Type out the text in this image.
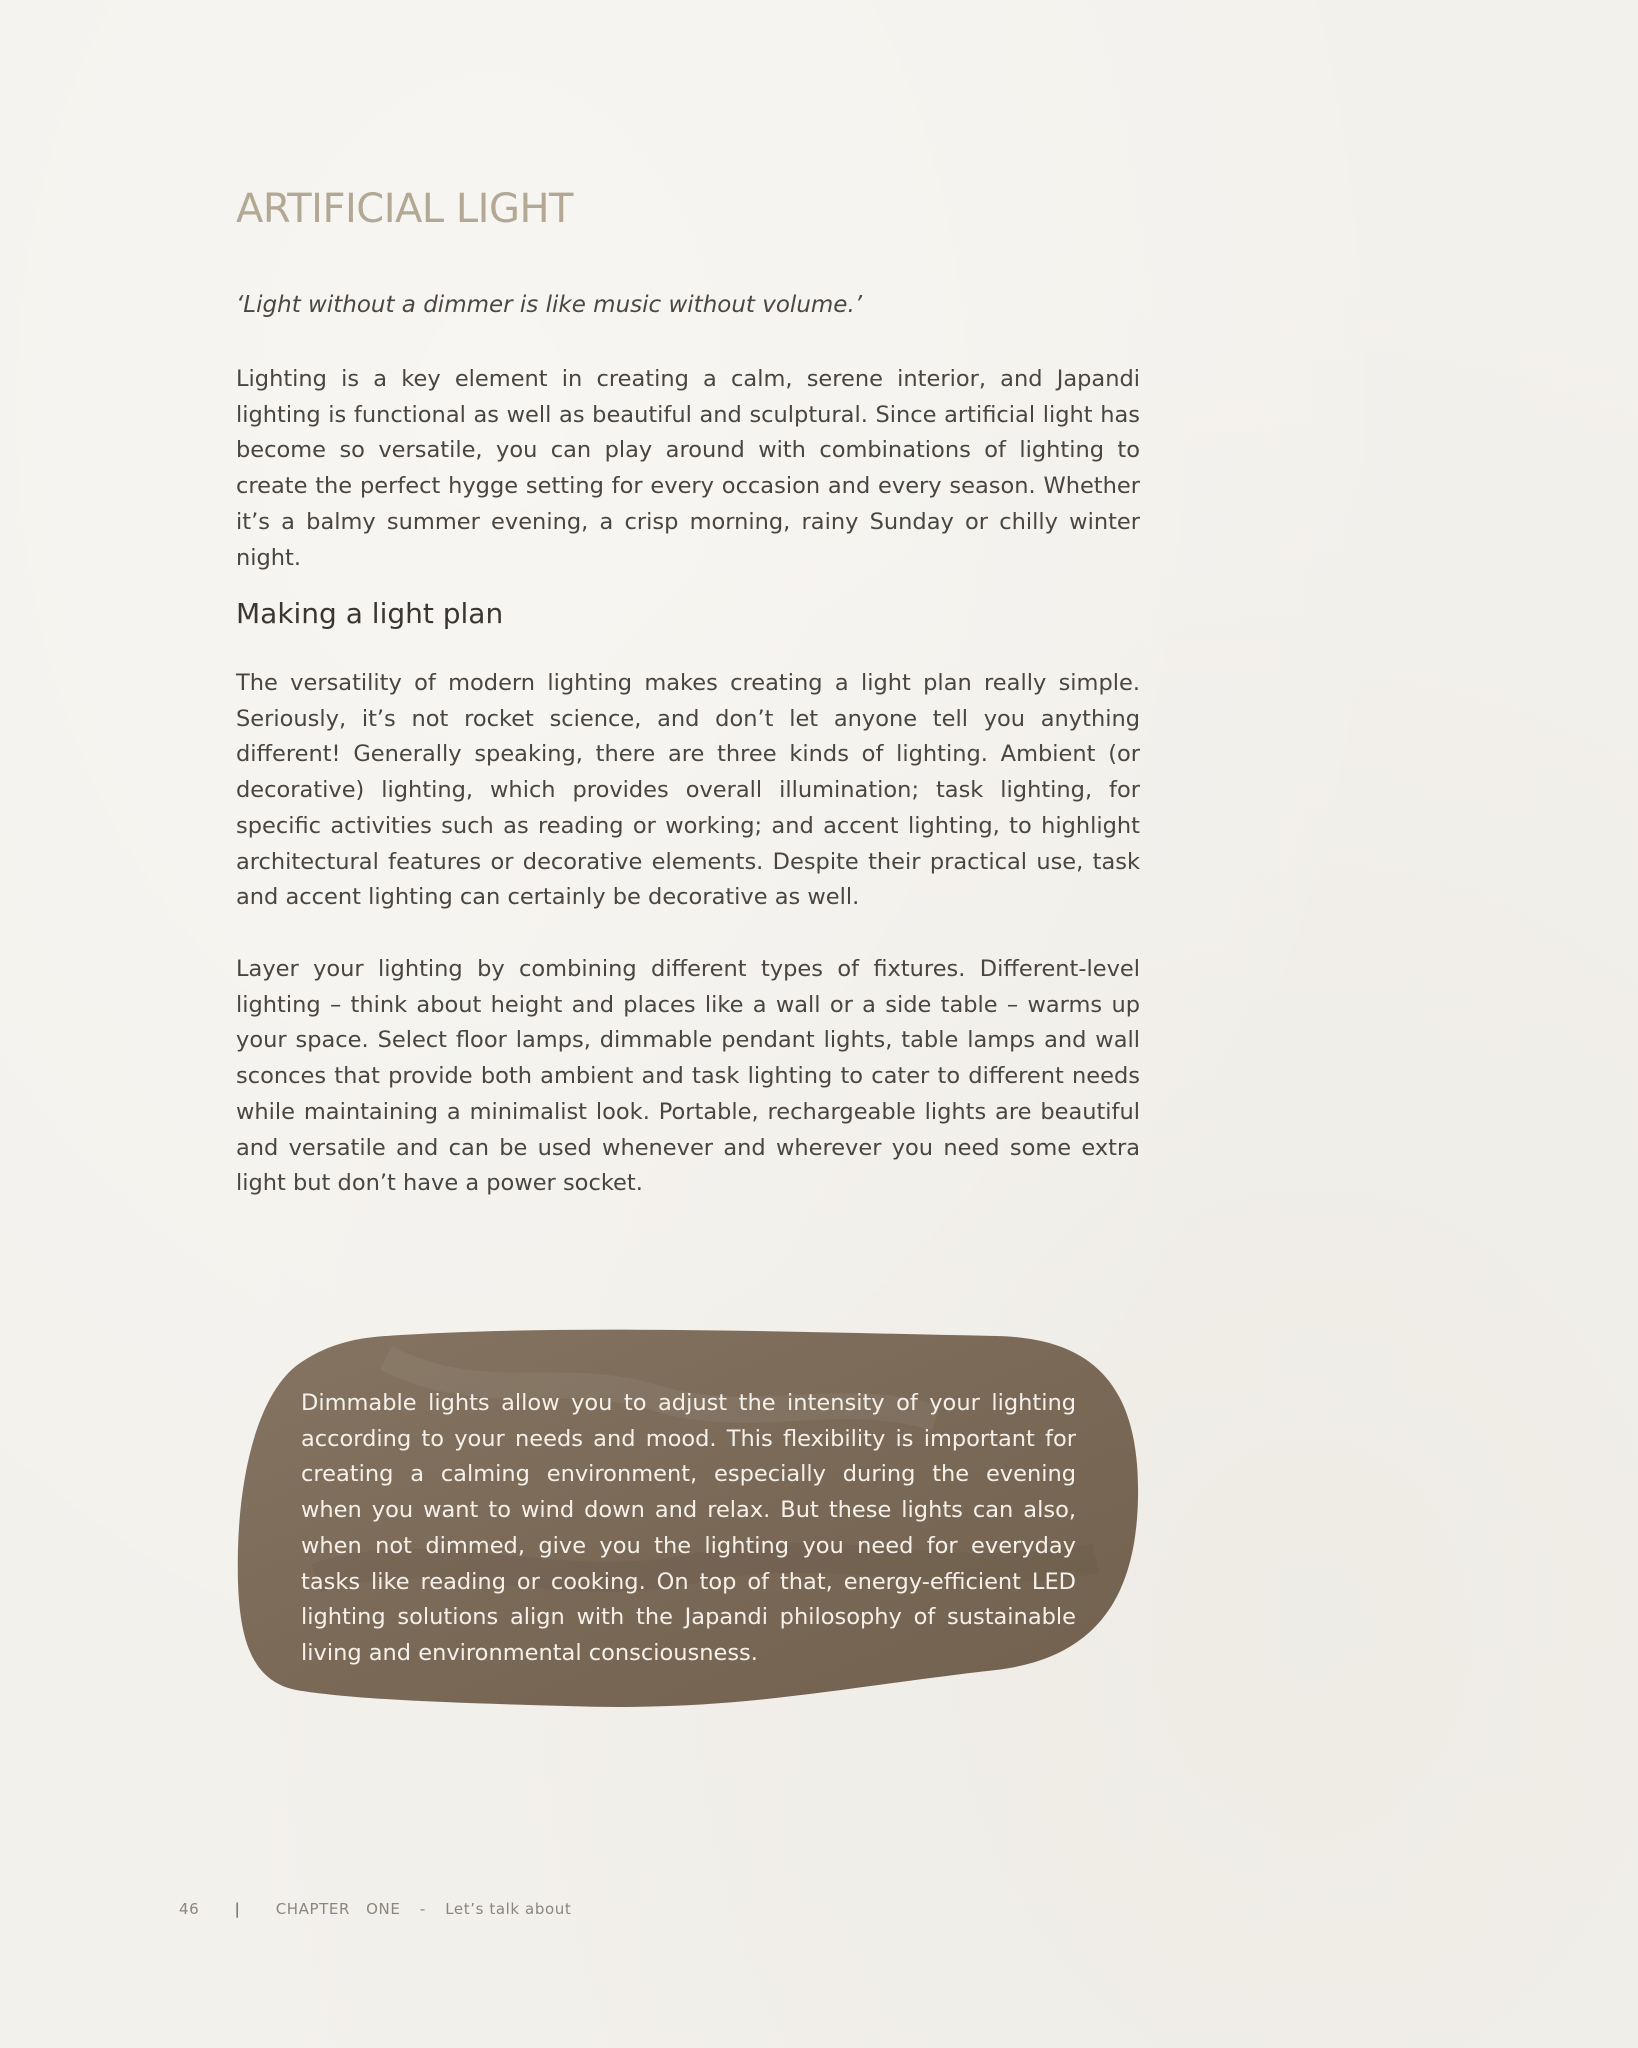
ARTIFICIAL LIGHT

‘Light without a dimmer is like music without volume.’

Lighting is a key element in creating a calm, serene interior, and Japandi lighting is functional as well as beautiful and sculptural. Since artificial light has become so versatile, you can play around with combinations of lighting to create the perfect hygge setting for every occasion and every season. Whether it’s a balmy summer evening, a crisp morning, rainy Sunday or chilly winter night.

Making a light plan

The versatility of modern lighting makes creating a light plan really simple. Seriously, it’s not rocket science, and don’t let anyone tell you anything different! Generally speaking, there are three kinds of lighting. Ambient (or decorative) lighting, which provides overall illumination; task lighting, for specific activities such as reading or working; and accent lighting, to highlight architectural features or decorative elements. Despite their practical use, task and accent lighting can certainly be decorative as well.

Layer your lighting by combining different types of fixtures. Different-level lighting – think about height and places like a wall or a side table – warms up your space. Select floor lamps, dimmable pendant lights, table lamps and wall sconces that provide both ambient and task lighting to cater to different needs while maintaining a minimalist look. Portable, rechargeable lights are beautiful and versatile and can be used whenever and wherever you need some extra light but don’t have a power socket.

Dimmable lights allow you to adjust the intensity of your lighting according to your needs and mood. This flexibility is important for creating a calming environment, especially during the evening when you want to wind down and relax. But these lights can also, when not dimmed, give you the lighting you need for everyday tasks like reading or cooking. On top of that, energy-efficient LED lighting solutions align with the Japandi philosophy of sustainable living and environmental consciousness.

46 | CHAPTER   ONE - Let’s talk about
